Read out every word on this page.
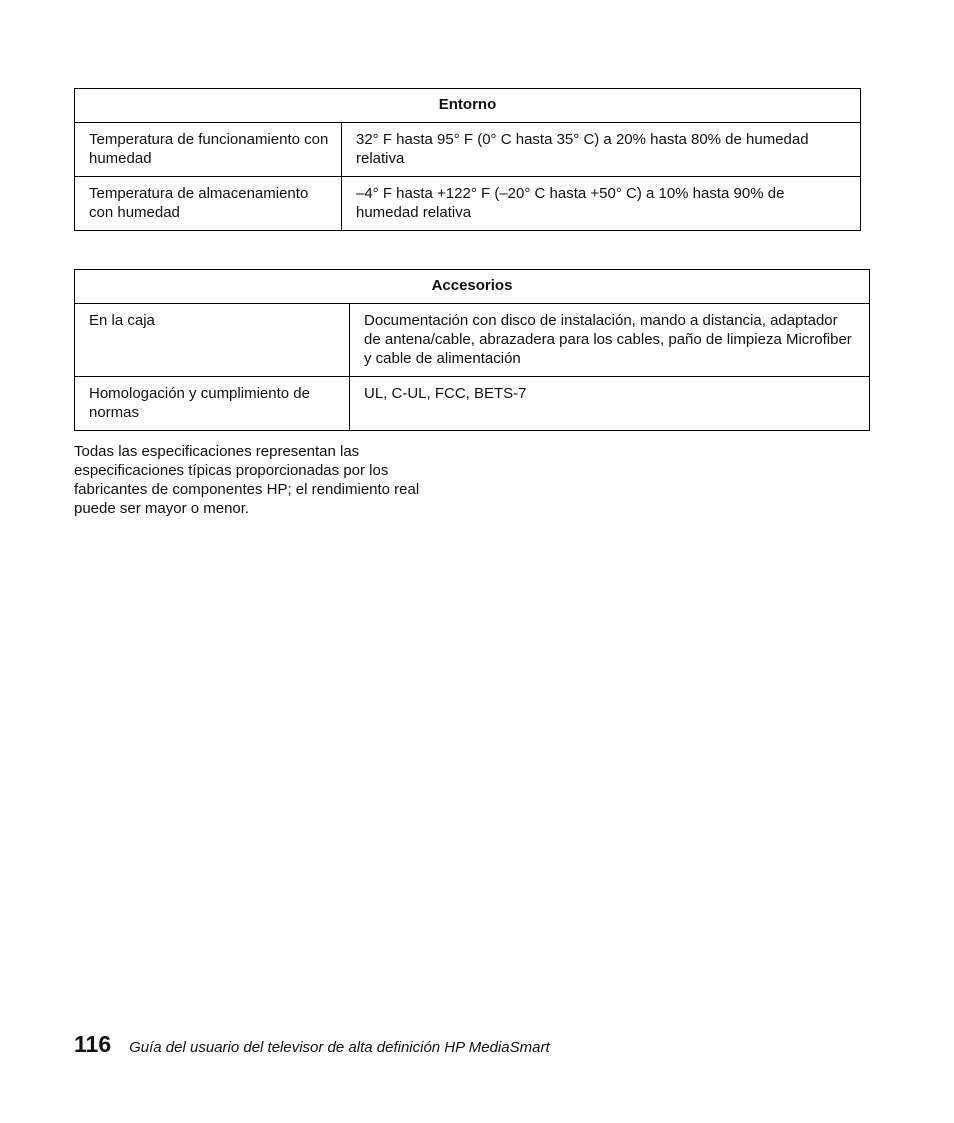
Entorno	
Temperatura de funcionamiento con humedad	32° F hasta 95° F (0° C hasta 35° C) a 20% hasta 80% de humedad relativa
Temperatura de almacenamiento con humedad	–4° F hasta +122° F (–20° C hasta +50° C) a 10% hasta 90% de humedad relativa
Accesorios	
En la caja	Documentación con disco de instalación, mando a distancia, adaptador de antena/cable, abrazadera para los cables, paño de limpieza Microfiber y cable de alimentación
Homologación y cumplimiento de normas	UL, C-UL, FCC, BETS-7

Todas las especificaciones representan las especificaciones típicas proporcionadas por los fabricantes de componentes HP; el rendimiento real puede ser mayor o menor.

116 Guía del usuario del televisor de alta definición HP MediaSmart
